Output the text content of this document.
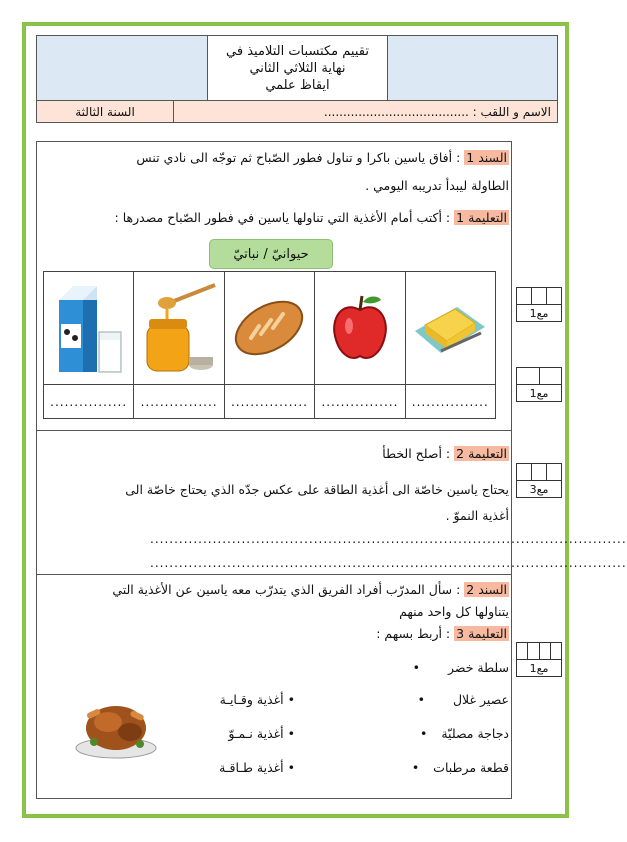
تقييم مكتسبات التلاميذ في
نهاية الثلاثي الثاني
ايقاظ علمي
الاسم و اللقب : ......................................
السنة الثالثة
السند 1 : أفاق ياسين باكرا و تناول فطور الصّباح ثم توجّه الى نادي تنس
الطاولة ليبدأ تدريبه اليومي .
التعليمة 1 : أكتب أمام الأغذية التي تناولها ياسين في فطور الصّباح مصدرها :
حيوانيّ / نباتيّ
................
................
................
................
................
التعليمة 2 : أصلح الخطأ
يحتاج ياسين خاصّة الى أغذية الطاقة على عكس جدّه الذي يحتاج خاصّة الى
أغذية النموّ .
...................................................................................................
...................................................................................................
السند 2 : سأل المدرّب أفراد الفريق الذي يتدرّب معه ياسين عن الأغذية التي
يتناولها كل واحد منهم
التعليمة 3 : أربط بسهم :
سلطة خضر •
عصير غلال •
دجاجة مصليّة •
قطعة مرطبات •
• أغذية وقـايـة
• أغذية نـمـوّ
• أغذية طـاقـة
مع1
مع1
مع3
مع1
